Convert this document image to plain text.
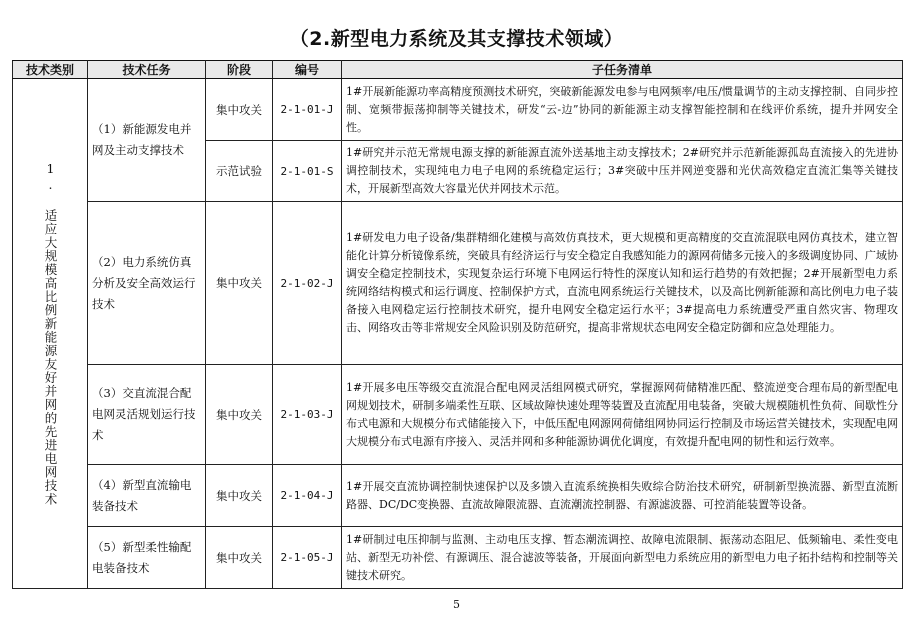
（2.新型电力系统及其支撑技术领域）
技术类别	技术任务	阶段	编号	子任务清单
1. 适应大规模高比例新能源友好并网的先进电网技术	（1）新能源发电并网及主动支撑技术	集中攻关	2-1-01-J	1#开展新能源功率高精度预测技术研究，突破新能源发电参与电网频率/电压/惯量调节的主动支撑控制、自同步控制、宽频带振荡抑制等关键技术，研发“云-边”协同的新能源主动支撑智能控制和在线评价系统，提升并网安全性。
		示范试验	2-1-01-S	1#研究并示范无常规电源支撑的新能源直流外送基地主动支撑技术；2#研究并示范新能源孤岛直流接入的先进协调控制技术，实现纯电力电子电网的系统稳定运行；3#突破中压并网逆变器和光伏高效稳定直流汇集等关键技术，开展新型高效大容量光伏并网技术示范。
	（2）电力系统仿真分析及安全高效运行技术	集中攻关	2-1-02-J	1#研发电力电子设备/集群精细化建模与高效仿真技术，更大规模和更高精度的交直流混联电网仿真技术，建立智能化计算分析镜像系统，突破具有经济运行与安全稳定自我感知能力的源网荷储多元接入的多级调度协同、广域协调安全稳定控制技术，实现复杂运行环境下电网运行特性的深度认知和运行趋势的有效把握；2#开展新型电力系统网络结构模式和运行调度、控制保护方式，直流电网系统运行关键技术，以及高比例新能源和高比例电力电子装备接入电网稳定运行控制技术研究，提升电网安全稳定运行水平；3#提高电力系统遭受严重自然灾害、物理攻击、网络攻击等非常规安全风险识别及防范研究，提高非常规状态电网安全稳定防御和应急处理能力。
	（3）交直流混合配电网灵活规划运行技术	集中攻关	2-1-03-J	1#开展多电压等级交直流混合配电网灵活组网模式研究，掌握源网荷储精准匹配、整流逆变合理布局的新型配电网规划技术，研制多端柔性互联、区域故障快速处理等装置及直流配用电装备，突破大规模随机性负荷、间歇性分布式电源和大规模分布式储能接入下，中低压配电网源网荷储组网协同运行控制及市场运营关键技术，实现配电网大规模分布式电源有序接入、灵活并网和多种能源协调优化调度，有效提升配电网的韧性和运行效率。
	（4）新型直流输电装备技术	集中攻关	2-1-04-J	1#开展交直流协调控制快速保护以及多馈入直流系统换相失败综合防治技术研究，研制新型换流器、新型直流断路器、DC/DC变换器、直流故障限流器、直流潮流控制器、有源滤波器、可控消能装置等设备。
	（5）新型柔性输配电装备技术	集中攻关	2-1-05-J	1#研制过电压抑制与监测、主动电压支撑、暂态潮流调控、故障电流限制、振荡动态阻尼、低频输电、柔性变电站、新型无功补偿、有源调压、混合滤波等装备，开展面向新型电力系统应用的新型电力电子拓扑结构和控制等关键技术研究。
5
